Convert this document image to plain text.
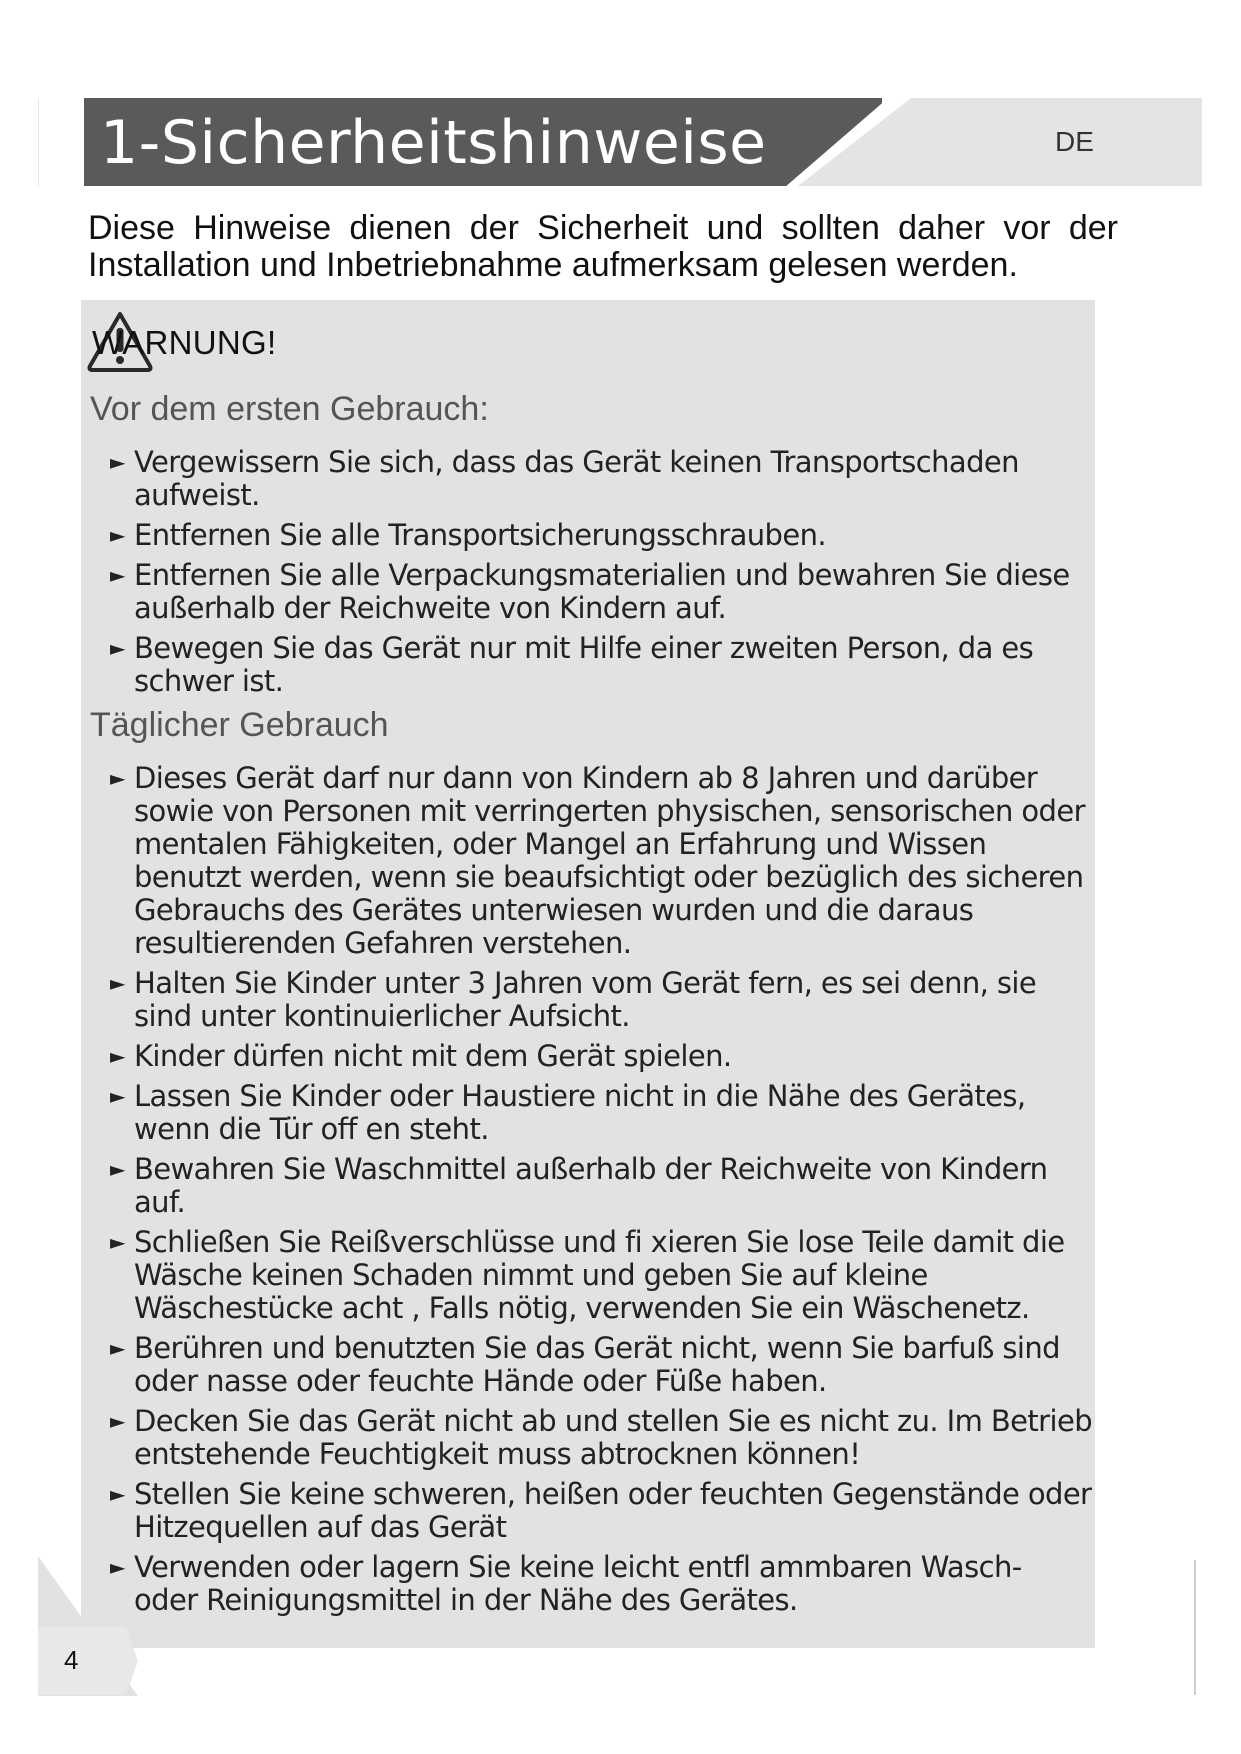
1-Sicherheitshinweise	DE

Diese Hinweise dienen der Sicherheit und sollten daher vor der Installation und Inbetriebnahme aufmerksam gelesen werden.

WARNUNG!
Vor dem ersten Gebrauch:
► Vergewissern Sie sich, dass das Gerät keinen Transportschaden aufweist.
► Entfernen Sie alle Transportsicherungsschrauben.
► Entfernen Sie alle Verpackungsmaterialien und bewahren Sie diese außerhalb der Reichweite von Kindern auf.
► Bewegen Sie das Gerät nur mit Hilfe einer zweiten Person, da es schwer ist.
Täglicher Gebrauch
► Dieses Gerät darf nur dann von Kindern ab 8 Jahren und darüber sowie von Personen mit verringerten physischen, sensorischen oder mentalen Fähigkeiten, oder Mangel an Erfahrung und Wissen benutzt werden, wenn sie beaufsichtigt oder bezüglich des sicheren Gebrauchs des Gerätes unterwiesen wurden und die daraus resultierenden Gefahren verstehen.
► Halten Sie Kinder unter 3 Jahren vom Gerät fern, es sei denn, sie sind unter kontinuierlicher Aufsicht.
► Kinder dürfen nicht mit dem Gerät spielen.
► Lassen Sie Kinder oder Haustiere nicht in die Nähe des Gerätes, wenn die Tür off en steht.
► Bewahren Sie Waschmittel außerhalb der Reichweite von Kindern auf.
► Schließen Sie Reißverschlüsse und fi xieren Sie lose Teile damit die Wäsche keinen Schaden nimmt und geben Sie auf kleine Wäschestücke acht , Falls nötig, verwenden Sie ein Wäschenetz.
► Berühren und benutzten Sie das Gerät nicht, wenn Sie barfuß sind oder nasse oder feuchte Hände oder Füße haben.
► Decken Sie das Gerät nicht ab und stellen Sie es nicht zu. Im Betrieb entstehende Feuchtigkeit muss abtrocknen können!
► Stellen Sie keine schweren, heißen oder feuchten Gegenstände oder Hitzequellen auf das Gerät
► Verwenden oder lagern Sie keine leicht entfl ammbaren Wasch- oder Reinigungsmittel in der Nähe des Gerätes.
4
